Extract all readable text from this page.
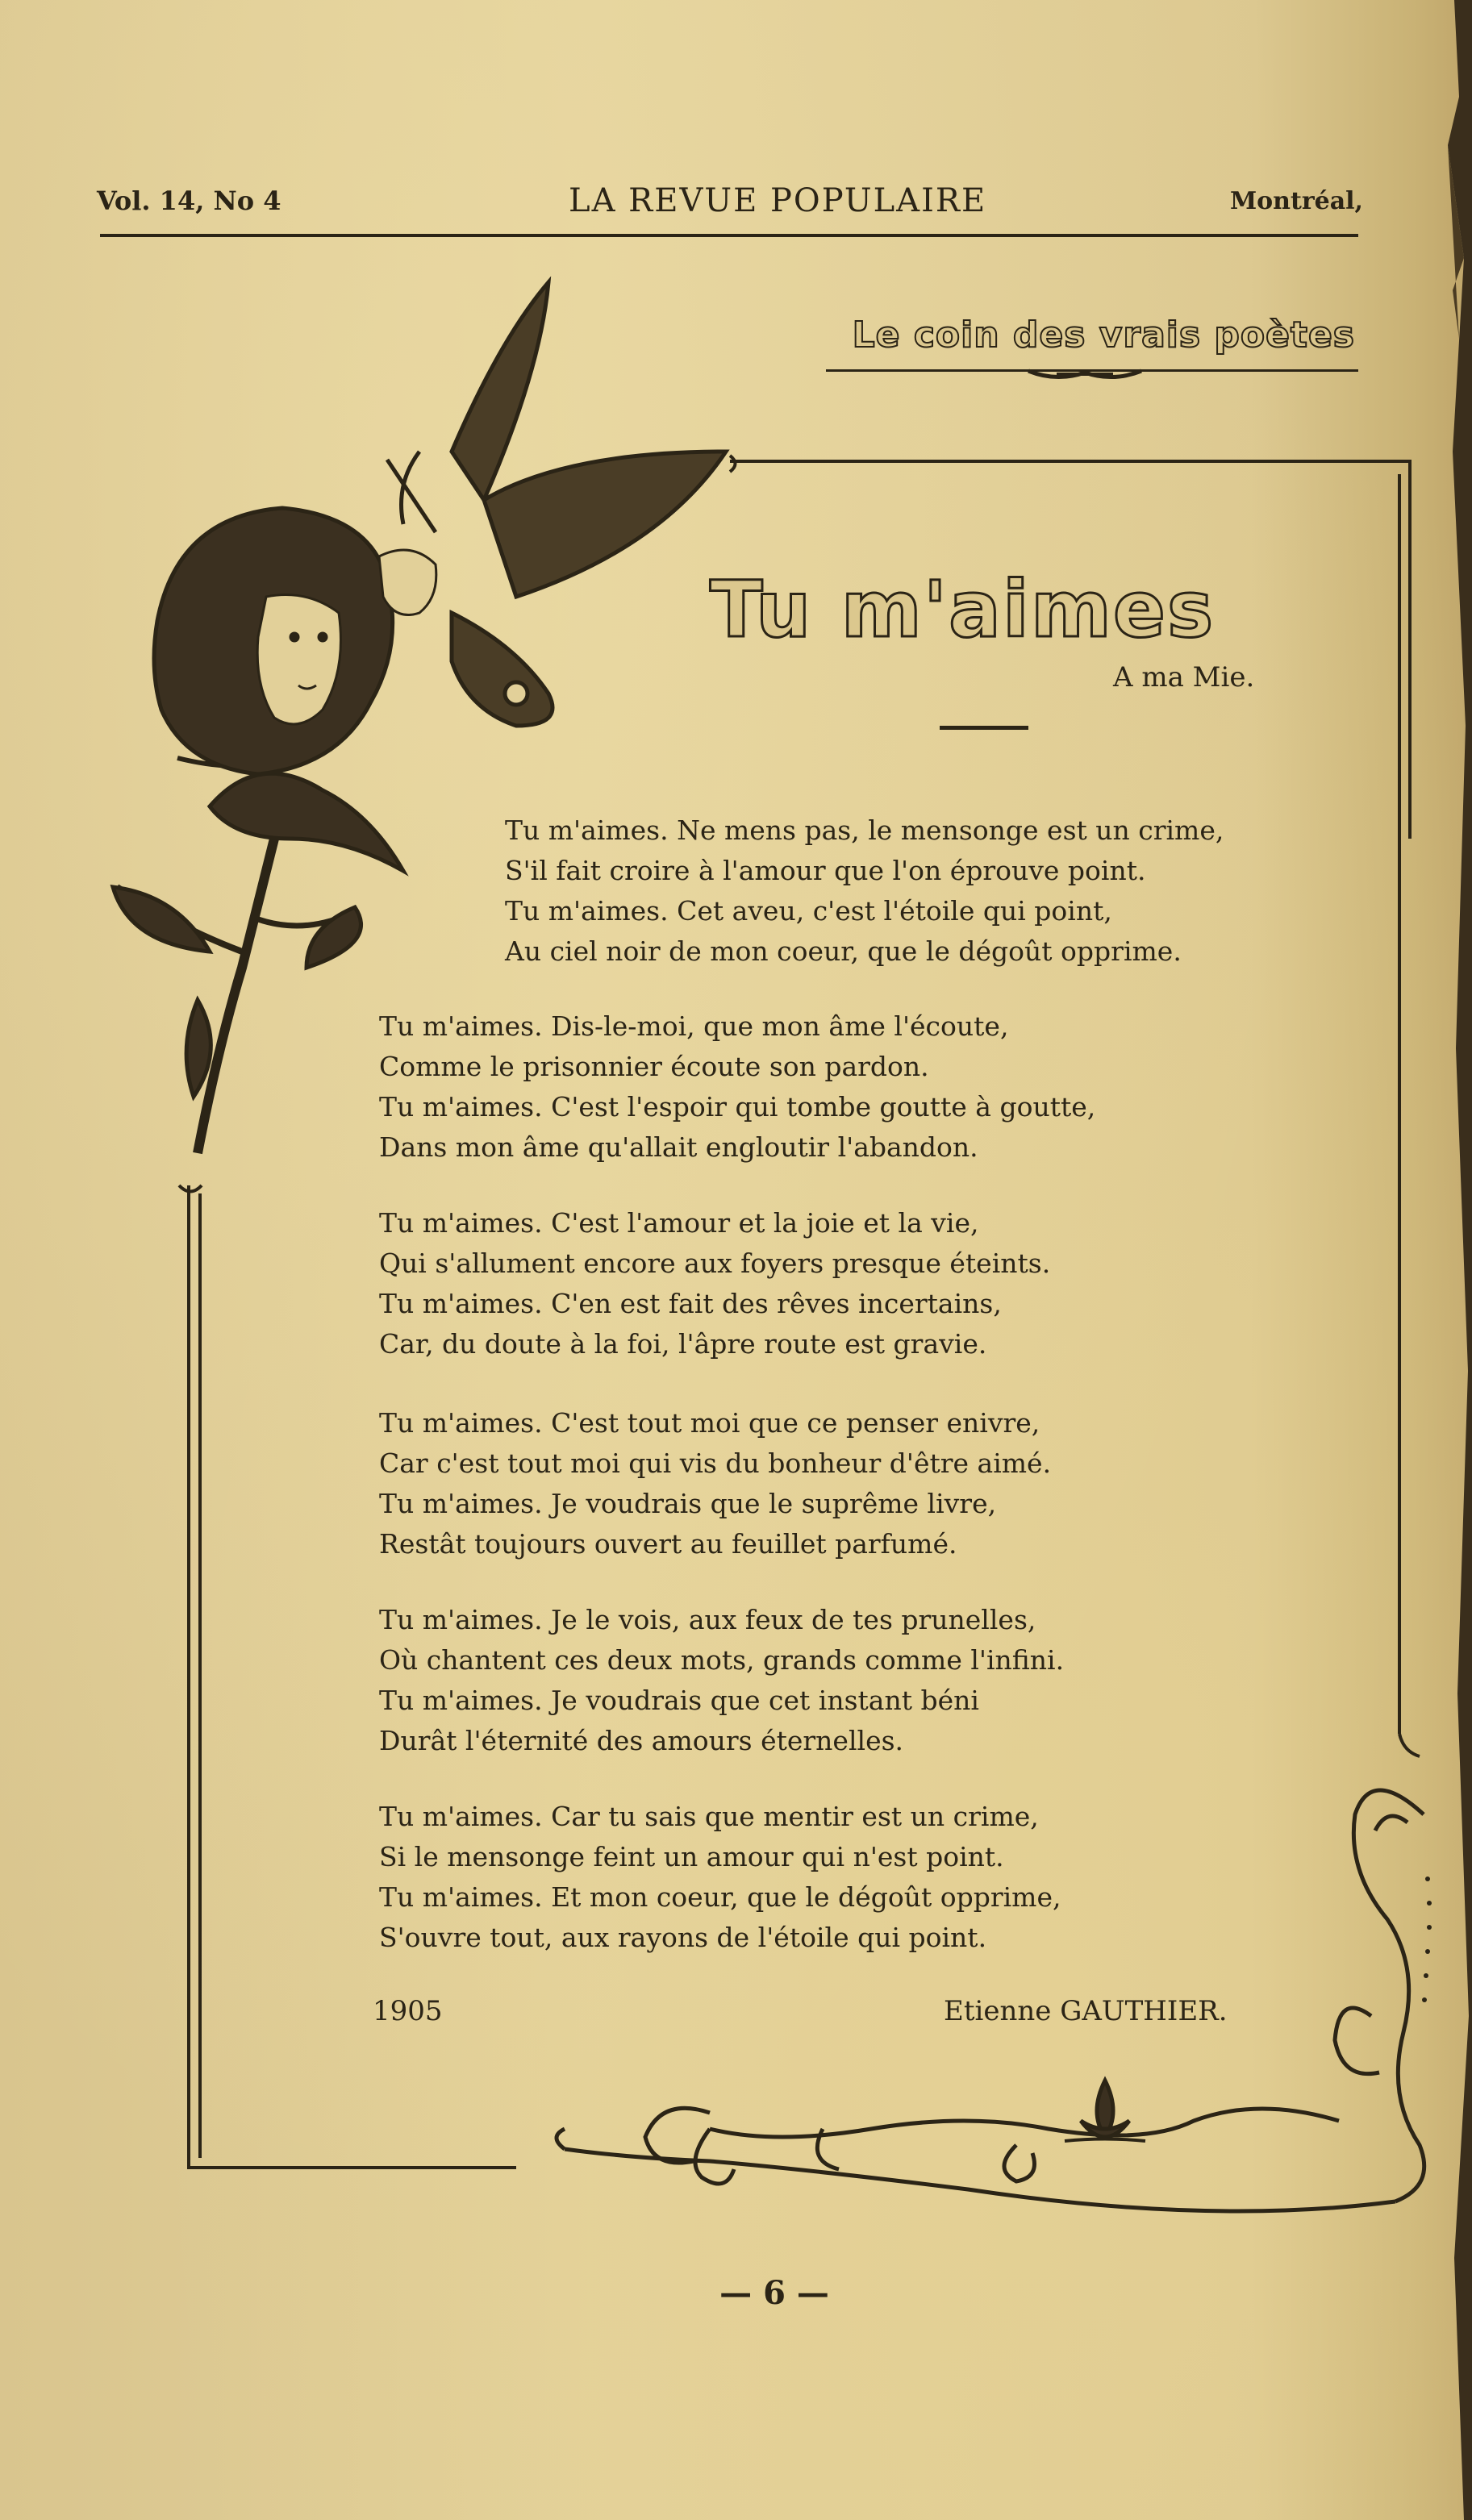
Vol. 14, No 4	LA REVUE POPULAIRE	Montréal,
Le coin des vrais poètes
Tu m'aimes
A ma Mie.
Tu m'aimes. Ne mens pas, le mensonge est un crime,
S'il fait croire à l'amour que l'on éprouve point.
Tu m'aimes. Cet aveu, c'est l'étoile qui point,
Au ciel noir de mon coeur, que le dégoût opprime.
Tu m'aimes. Dis-le-moi, que mon âme l'écoute,
Comme le prisonnier écoute son pardon.
Tu m'aimes. C'est l'espoir qui tombe goutte à goutte,
Dans mon âme qu'allait engloutir l'abandon.
Tu m'aimes. C'est l'amour et la joie et la vie,
Qui s'allument encore aux foyers presque éteints.
Tu m'aimes. C'en est fait des rêves incertains,
Car, du doute à la foi, l'âpre route est gravie.
Tu m'aimes. C'est tout moi que ce penser enivre,
Car c'est tout moi qui vis du bonheur d'être aimé.
Tu m'aimes. Je voudrais que le suprême livre,
Restât toujours ouvert au feuillet parfumé.
Tu m'aimes. Je le vois, aux feux de tes prunelles,
Où chantent ces deux mots, grands comme l'infini.
Tu m'aimes. Je voudrais que cet instant béni
Durât l'éternité des amours éternelles.
Tu m'aimes. Car tu sais que mentir est un crime,
Si le mensonge feint un amour qui n'est point.
Tu m'aimes. Et mon coeur, que le dégoût opprime,
S'ouvre tout, aux rayons de l'étoile qui point.
1905	Etienne GAUTHIER.
— 6 —
